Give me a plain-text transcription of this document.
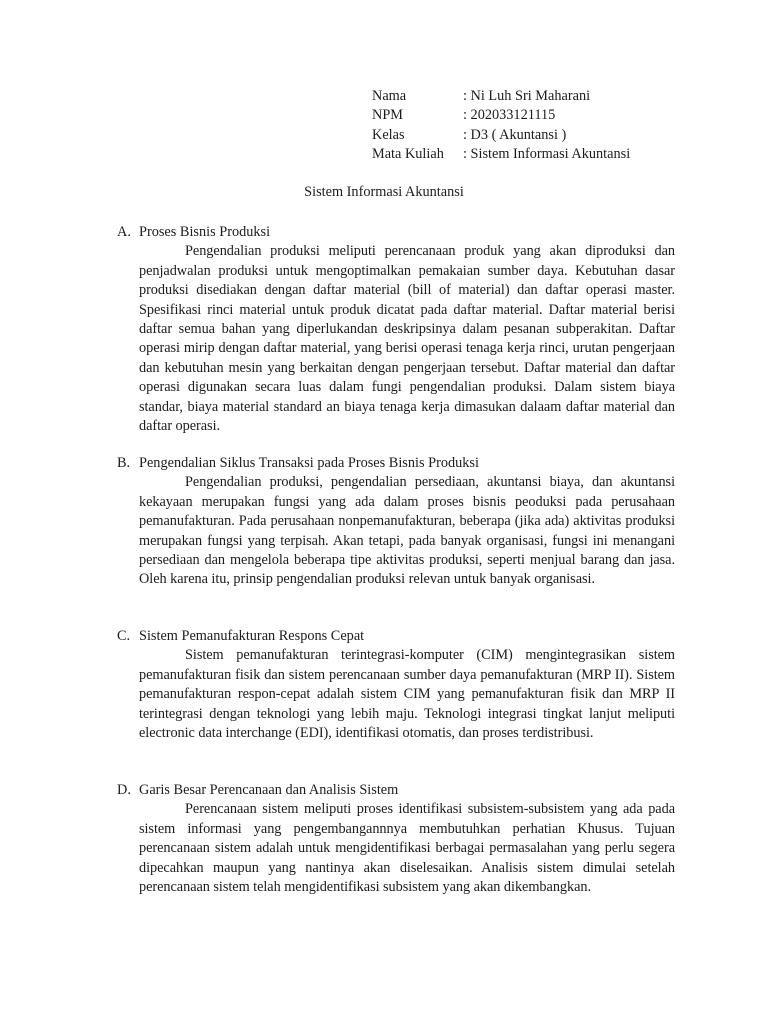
Nama	: Ni Luh Sri Maharani
NPM	: 202033121115
Kelas	: D3 ( Akuntansi )
Mata Kuliah	: Sistem Informasi Akuntansi
Sistem Informasi Akuntansi
A. Proses Bisnis Produksi
Pengendalian produksi meliputi perencanaan produk yang akan diproduksi dan penjadwalan produksi untuk mengoptimalkan pemakaian sumber daya. Kebutuhan dasar produksi disediakan dengan daftar material (bill of material) dan daftar operasi master. Spesifikasi rinci material untuk produk dicatat pada daftar material. Daftar material berisi daftar semua bahan yang diperlukandan deskripsinya dalam pesanan subperakitan. Daftar operasi mirip dengan daftar material, yang berisi operasi tenaga kerja rinci, urutan pengerjaan dan kebutuhan mesin yang berkaitan dengan pengerjaan tersebut. Daftar material dan daftar operasi digunakan secara luas dalam fungi pengendalian produksi. Dalam sistem biaya standar, biaya material standard an biaya tenaga kerja dimasukan dalaam daftar material dan daftar operasi.
B. Pengendalian Siklus Transaksi pada Proses Bisnis Produksi
Pengendalian produksi, pengendalian persediaan, akuntansi biaya, dan akuntansi kekayaan merupakan fungsi yang ada dalam proses bisnis peoduksi pada perusahaan pemanufakturan. Pada perusahaan nonpemanufakturan, beberapa (jika ada) aktivitas produksi merupakan fungsi yang terpisah. Akan tetapi, pada banyak organisasi, fungsi ini menangani persediaan dan mengelola beberapa tipe aktivitas produksi, seperti menjual barang dan jasa. Oleh karena itu, prinsip pengendalian produksi relevan untuk banyak organisasi.
C. Sistem Pemanufakturan Respons Cepat
Sistem pemanufakturan terintegrasi-komputer (CIM) mengintegrasikan sistem pemanufakturan fisik dan sistem perencanaan sumber daya pemanufakturan (MRP II). Sistem pemanufakturan respon-cepat adalah sistem CIM yang pemanufakturan fisik dan MRP II terintegrasi dengan teknologi yang lebih maju. Teknologi integrasi tingkat lanjut meliputi electronic data interchange (EDI), identifikasi otomatis, dan proses terdistribusi.
D. Garis Besar Perencanaan dan Analisis Sistem
Perencanaan sistem meliputi proses identifikasi subsistem-subsistem yang ada pada sistem informasi yang pengembangannnya membutuhkan perhatian Khusus. Tujuan perencanaan sistem adalah untuk mengidentifikasi berbagai permasalahan yang perlu segera dipecahkan maupun yang nantinya akan diselesaikan. Analisis sistem dimulai setelah perencanaan sistem telah mengidentifikasi subsistem yang akan dikembangkan.
